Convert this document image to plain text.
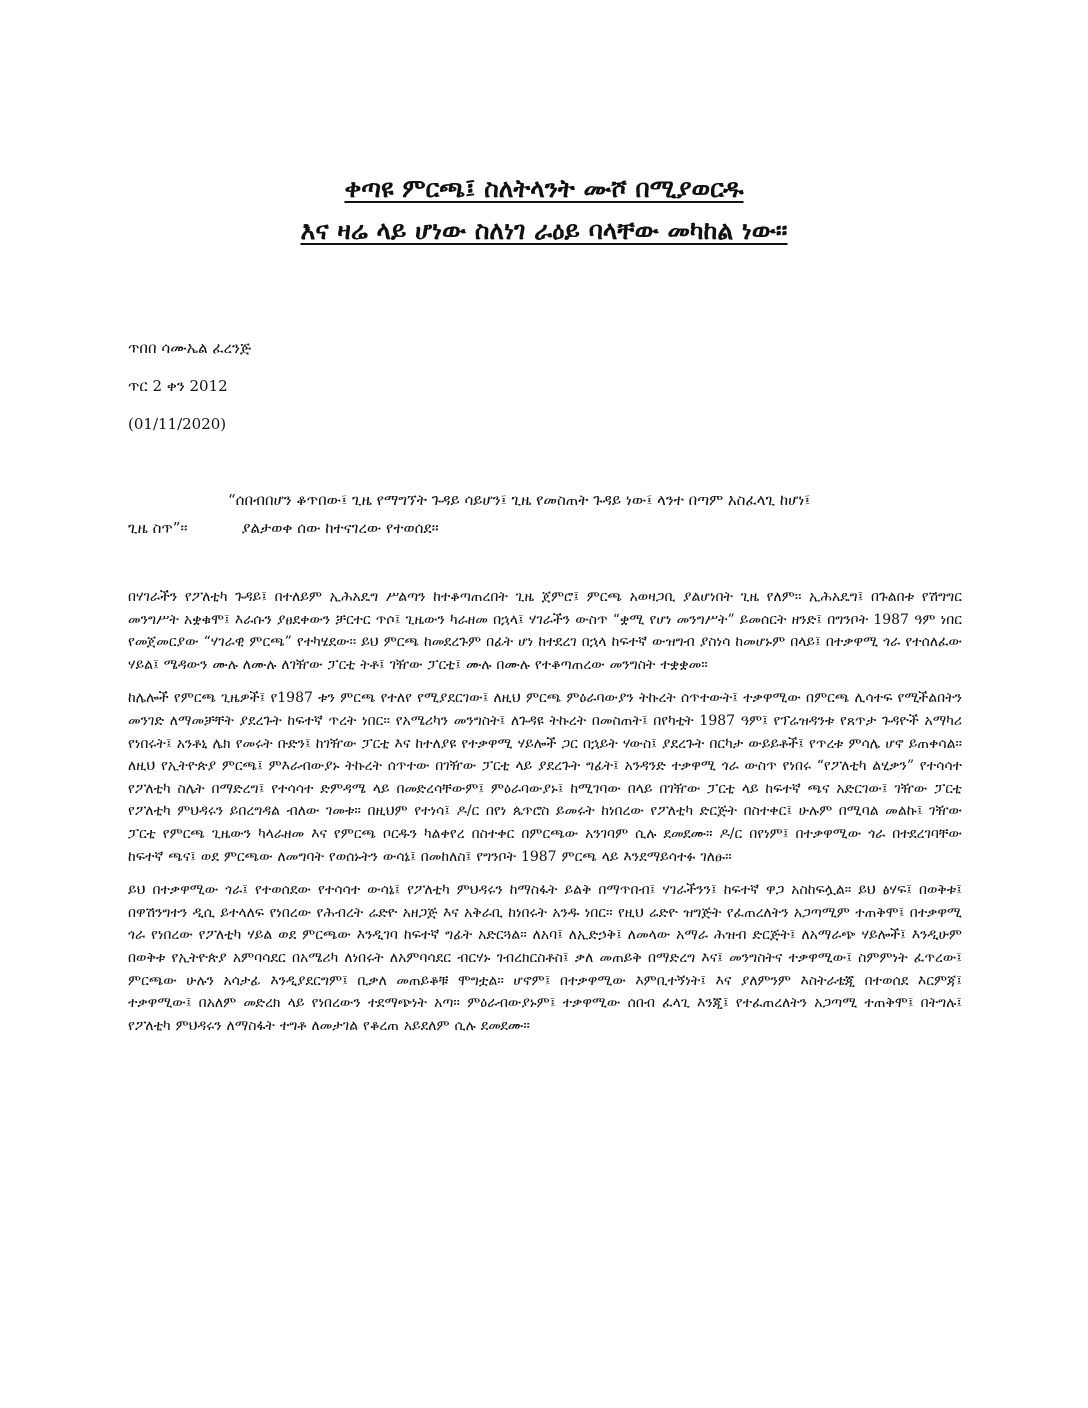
ቀጣዩ ምርጫ፤ ስለትላንት ሙሾ በሚያወርዱ
እና ዛሬ ላይ ሆነው ስለነገ ራዕይ ባላቸው መካከል ነው።
ጥበበ ሳሙኤል ፈረንጅ
ጥር 2 ቀን 2012
(01/11/2020)
“ሰበብበሆን ቆጥበው፤ ጊዜ የማግኘት ጉዳይ ሳይሆን፤ ጊዜ የመስጠት ጉዳይ ነው፤ ላንተ በጣም አስፈላጊ ከሆነ፤
ጊዜ ስጥ”።	ያልታወቀ ሰው ከተናገረው የተወሰደ፡፡

በሃገራችን የፖለቲካ ጉዳይ፤ በተለይም ኢሕአዴግ ሥልጣን ከተቆጣጠረበት ጊዜ ጀምሮ፤ ምርጫ አወዛጋቢ ያልሆነበት ጊዜ የለም፡፡ ኢሕአዴግ፤ በጉልበቱ የሽግግር መንግሥት አቋቁሞ፤ እራሱን ያፀደቀውን ቻርተር ጥሶ፤ ጊዜውን ካራዘመ በኋላ፤ ሃገራችን ውስጥ “ቋሚ የሆነ መንግሥት” ይመሰርት ዘንድ፤ በግንቦት 1987 ዓም ነበር የመጀመርያው “ሃገራዊ ምርጫ” የተካሄደው፡፡ ይህ ምርጫ ከመደረጉም በፊት ሆነ ከተደረገ በኋላ ከፍተኛ ውዝግብ ያስነሳ ከመሆኑም በላይ፤ በተቃዋሚ ጎራ የተሰለፈው ሃይል፤ ሜዳውን ሙሉ ለሙሉ ለገዥው ፓርቲ ትቶ፤ ገዥው ፓርቲ፤ ሙሉ በሙሉ የተቆጣጠረው መንግስት ተቋቋመ፡፡

ከሌሎች የምርጫ ጊዜዎች፤ የ1987 ቱን ምርጫ የተለየ የሚያደርገው፤ ለዚህ ምርጫ ምዕራባውያን ትኩረት ሰጥተውት፤ ተቃዋሚው በምርጫ ሊሳተፍ የሚችልበትን መንገድ ለማመቻቸት ያደረጉት ከፍተኛ ጥረት ነበር፡፡ የአሜሪካን መንግስት፤ ለጉዳዩ ትኩረት በመስጠት፤ በየካቲት 1987 ዓም፤ የፕሬዝዳንቱ የጸጥታ ጉዳዮች አማካሪ የነበሩት፤ አንቶኒ ሌክ የመሩት ቡድን፤ ከገዥው ፓርቲ እና ከተለያዩ የተቃዋሚ ሃይሎች ጋር በኋይት ሃውስ፤ ያደረጉት በርካታ ውይይቶች፤ የጥረቱ ምሳሌ ሆኖ ይጠቀሳል። ለዚህ የኢትዮጵያ ምርጫ፤ ምእራብውያኑ ትኩረት ሰጥተው በገዥው ፓርቲ ላይ ያደረጉት ግፊት፤ አንዳንድ ተቃዋሚ ጎራ ውስጥ የነበሩ “የፖለቲካ ልሂቃን” የተሳሳተ የፖለቲካ ስሌት በማድረግ፤ የተሳሳተ ድምዳሜ ላይ በመድረሳቸውም፤ ምዕራባውያኑ፤ ከሚገባው በላይ በገዥው ፓርቲ ላይ ከፍተኛ ጫና አድርገው፤ ገዥው ፓርቲ የፖለቲካ ምህዳሩን ይበረግዳል ብለው ገመቱ። በዚህም የተነሳ፤ ዶ/ር በየነ ጴጥሮስ ይመሩት ከነበረው የፖለቲካ ድርጅት በስተቀር፤ ሁሉም በሚባል መልኩ፤ ገዥው ፓርቲ የምርጫ ጊዜውን ካላራዘመ እና የምርጫ ቦርዱን ካልቀየረ በስተቀር በምርጫው አንገባም ሲሉ ደመደሙ። ዶ/ር በየነም፤ በተቃዋሚው ጎራ በተደረገባቸው ከፍተኛ ጫና፤ ወደ ምርጫው ለመግባት የወሰኑትን ውሳኔ፤ በመከለስ፤ የግንቦት 1987 ምርጫ ላይ እንደማይሳተፉ ገለፁ።

ይህ በተቃዋሚው ጎራ፤ የተወሰደው የተሳሳተ ውሳኔ፤ የፖለቲካ ምህዳሩን ከማስፋት ይልቅ በማጥበብ፤ ሃገራችንን፤ ከፍተኛ ዋጋ አስከፍሏል። ይህ ፅሃፍ፤ በወቅቱ፤ በዋሽንግተን ዲሲ ይተላለፍ የነበረው የሕብረት ሬድዮ አዘጋጅ እና አቅራቢ ከነበሩት አንዱ ነበር። የዚህ ሬድዮ ዝግጅት የፈጠረለትን አጋጣሚም ተጠቅሞ፤ በተቃዋሚ ጎራ የነበረው የፖለቲካ ሃይል ወደ ምርጫው እንዲገባ ከፍተኛ ግፊት አድርጓል። ለአባ፤ ለኢድኃቅ፤ ለመላው አማራ ሕዝብ ድርጅት፤ ለአማራጭ ሃይሎች፤ እንዲሁም በወቅቱ የኢትዮጵያ አምባሳደር በአሜሪካ ለነበሩት ለአምባሳደር ብርሃኑ ገብረክርስቶስ፤ ቃለ መጠይቅ በማድረግ እና፤ መንግስትና ተቃዋሚው፤ ስምምነት ፈጥረው፤ ምርጫው ሁሉን አሳታፊ እንዲያደርግም፤ ቢቃለ መጠይቆቹ ሞግቷል። ሆኖም፤ በተቃዋሚው እምቢተኝነት፤ እና ያለምንም እስትራቴጂ በተወሰደ እርምጃ፤ ተቃዋሚው፤ በአለም መድረክ ላይ የነበረውን ተደማጭነት አጣ። ምዕራብውያኑም፤ ተቃዋሚው ሰበብ ፈላጊ እንጂ፤ የተፈጠረለትን አጋጣሚ ተጠቅሞ፤ በትግሉ፤ የፖለቲካ ምህዳሩን ለማስፋት ተግቶ ለመታገል የቆረጠ አይደለም ሲሉ ደመደሙ።
